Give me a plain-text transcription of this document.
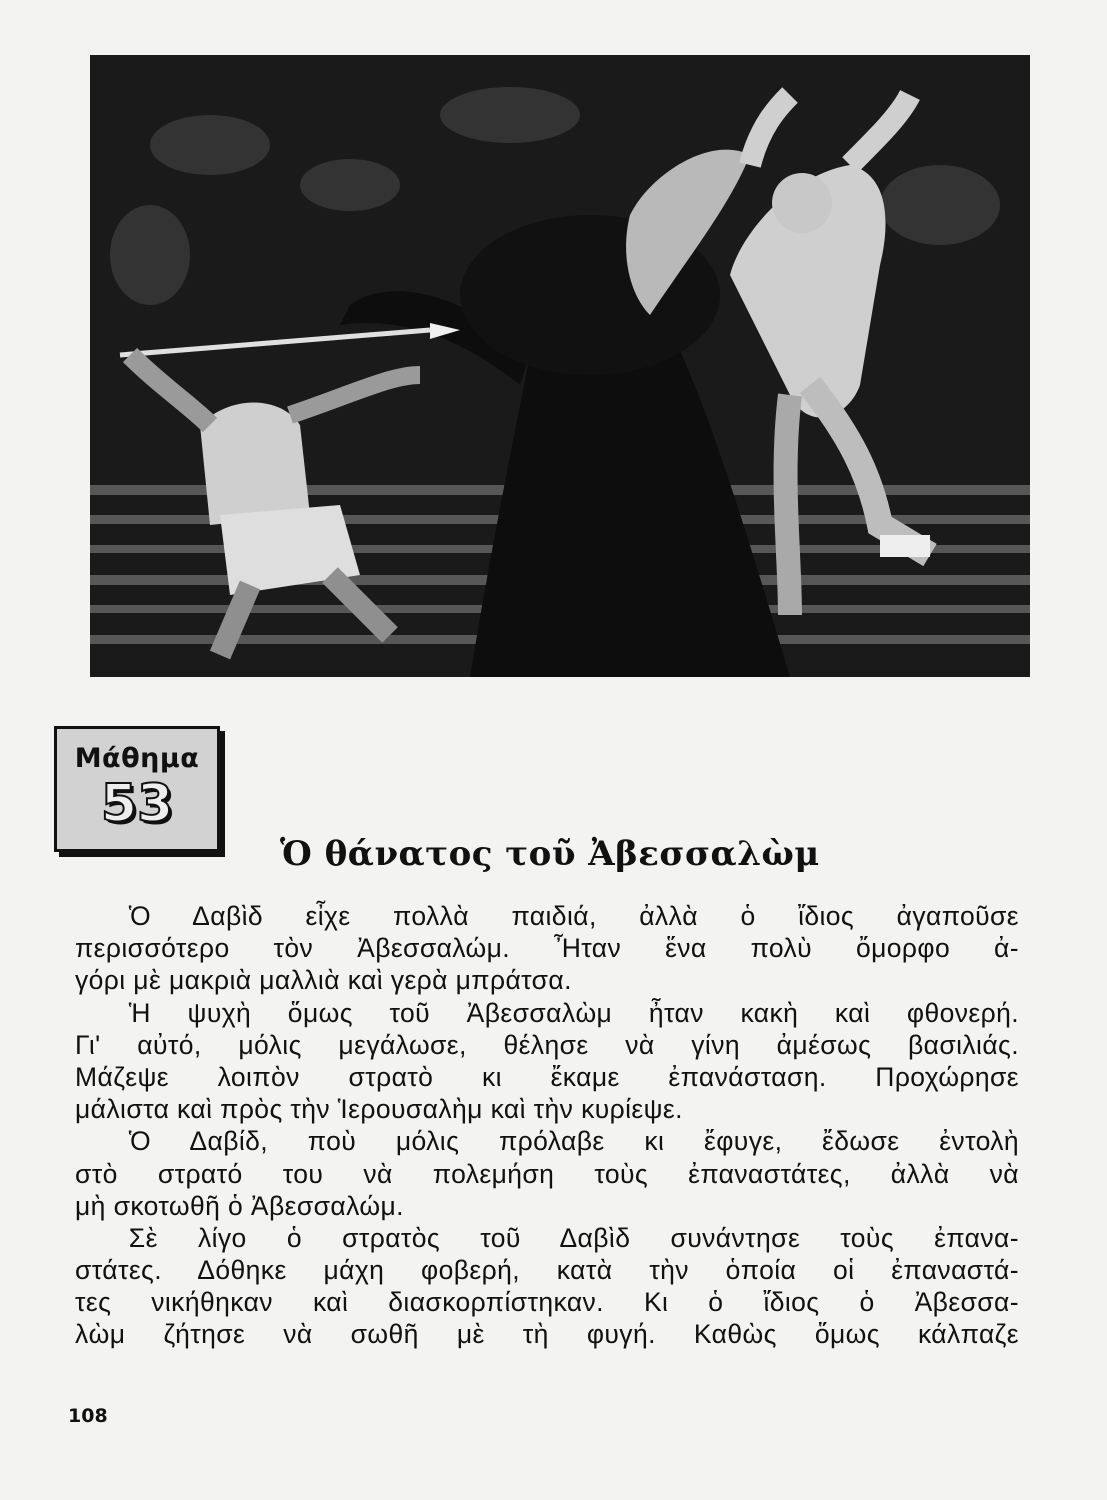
Μάθημα
53
Ὁ θάνατος τοῦ Ἀβεσσαλὼμ
  Ὁ Δαβὶδ εἶχε πολλὰ παιδιά, ἀλλὰ ὁ ἴδιος ἀγαποῦσε
περισσότερο τὸν Ἀβεσσαλώμ. Ἦταν ἕνα πολὺ ὄμορφο ἀ-
γόρι μὲ μακριὰ μαλλιὰ καὶ γερὰ μπράτσα.
  Ἡ ψυχὴ ὅμως τοῦ Ἀβεσσαλὼμ ἦταν κακὴ καὶ φθονερή.
Γι' αὐτό, μόλις μεγάλωσε, θέλησε νὰ γίνη ἀμέσως βασιλιάς.
Μάζεψε λοιπὸν στρατὸ κι ἔκαμε ἐπανάσταση. Προχώρησε
μάλιστα καὶ πρὸς τὴν Ἱερουσαλὴμ καὶ τὴν κυρίεψε.
  Ὁ Δαβίδ, ποὺ μόλις πρόλαβε κι ἔφυγε, ἔδωσε ἐντολὴ
στὸ στρατό του νὰ πολεμήση τοὺς ἐπαναστάτες, ἀλλὰ νὰ
μὴ σκοτωθῆ ὁ Ἀβεσσαλώμ.
  Σὲ λίγο ὁ στρατὸς τοῦ Δαβὶδ συνάντησε τοὺς ἐπανα-
στάτες. Δόθηκε μάχη φοβερή, κατὰ τὴν ὁποία οἱ ἐπαναστά-
τες νικήθηκαν καὶ διασκορπίστηκαν. Κι ὁ ἴδιος ὁ Ἀβεσσα-
λὼμ ζήτησε νὰ σωθῆ μὲ τὴ φυγή. Καθὼς ὅμως κάλπαζε
108
